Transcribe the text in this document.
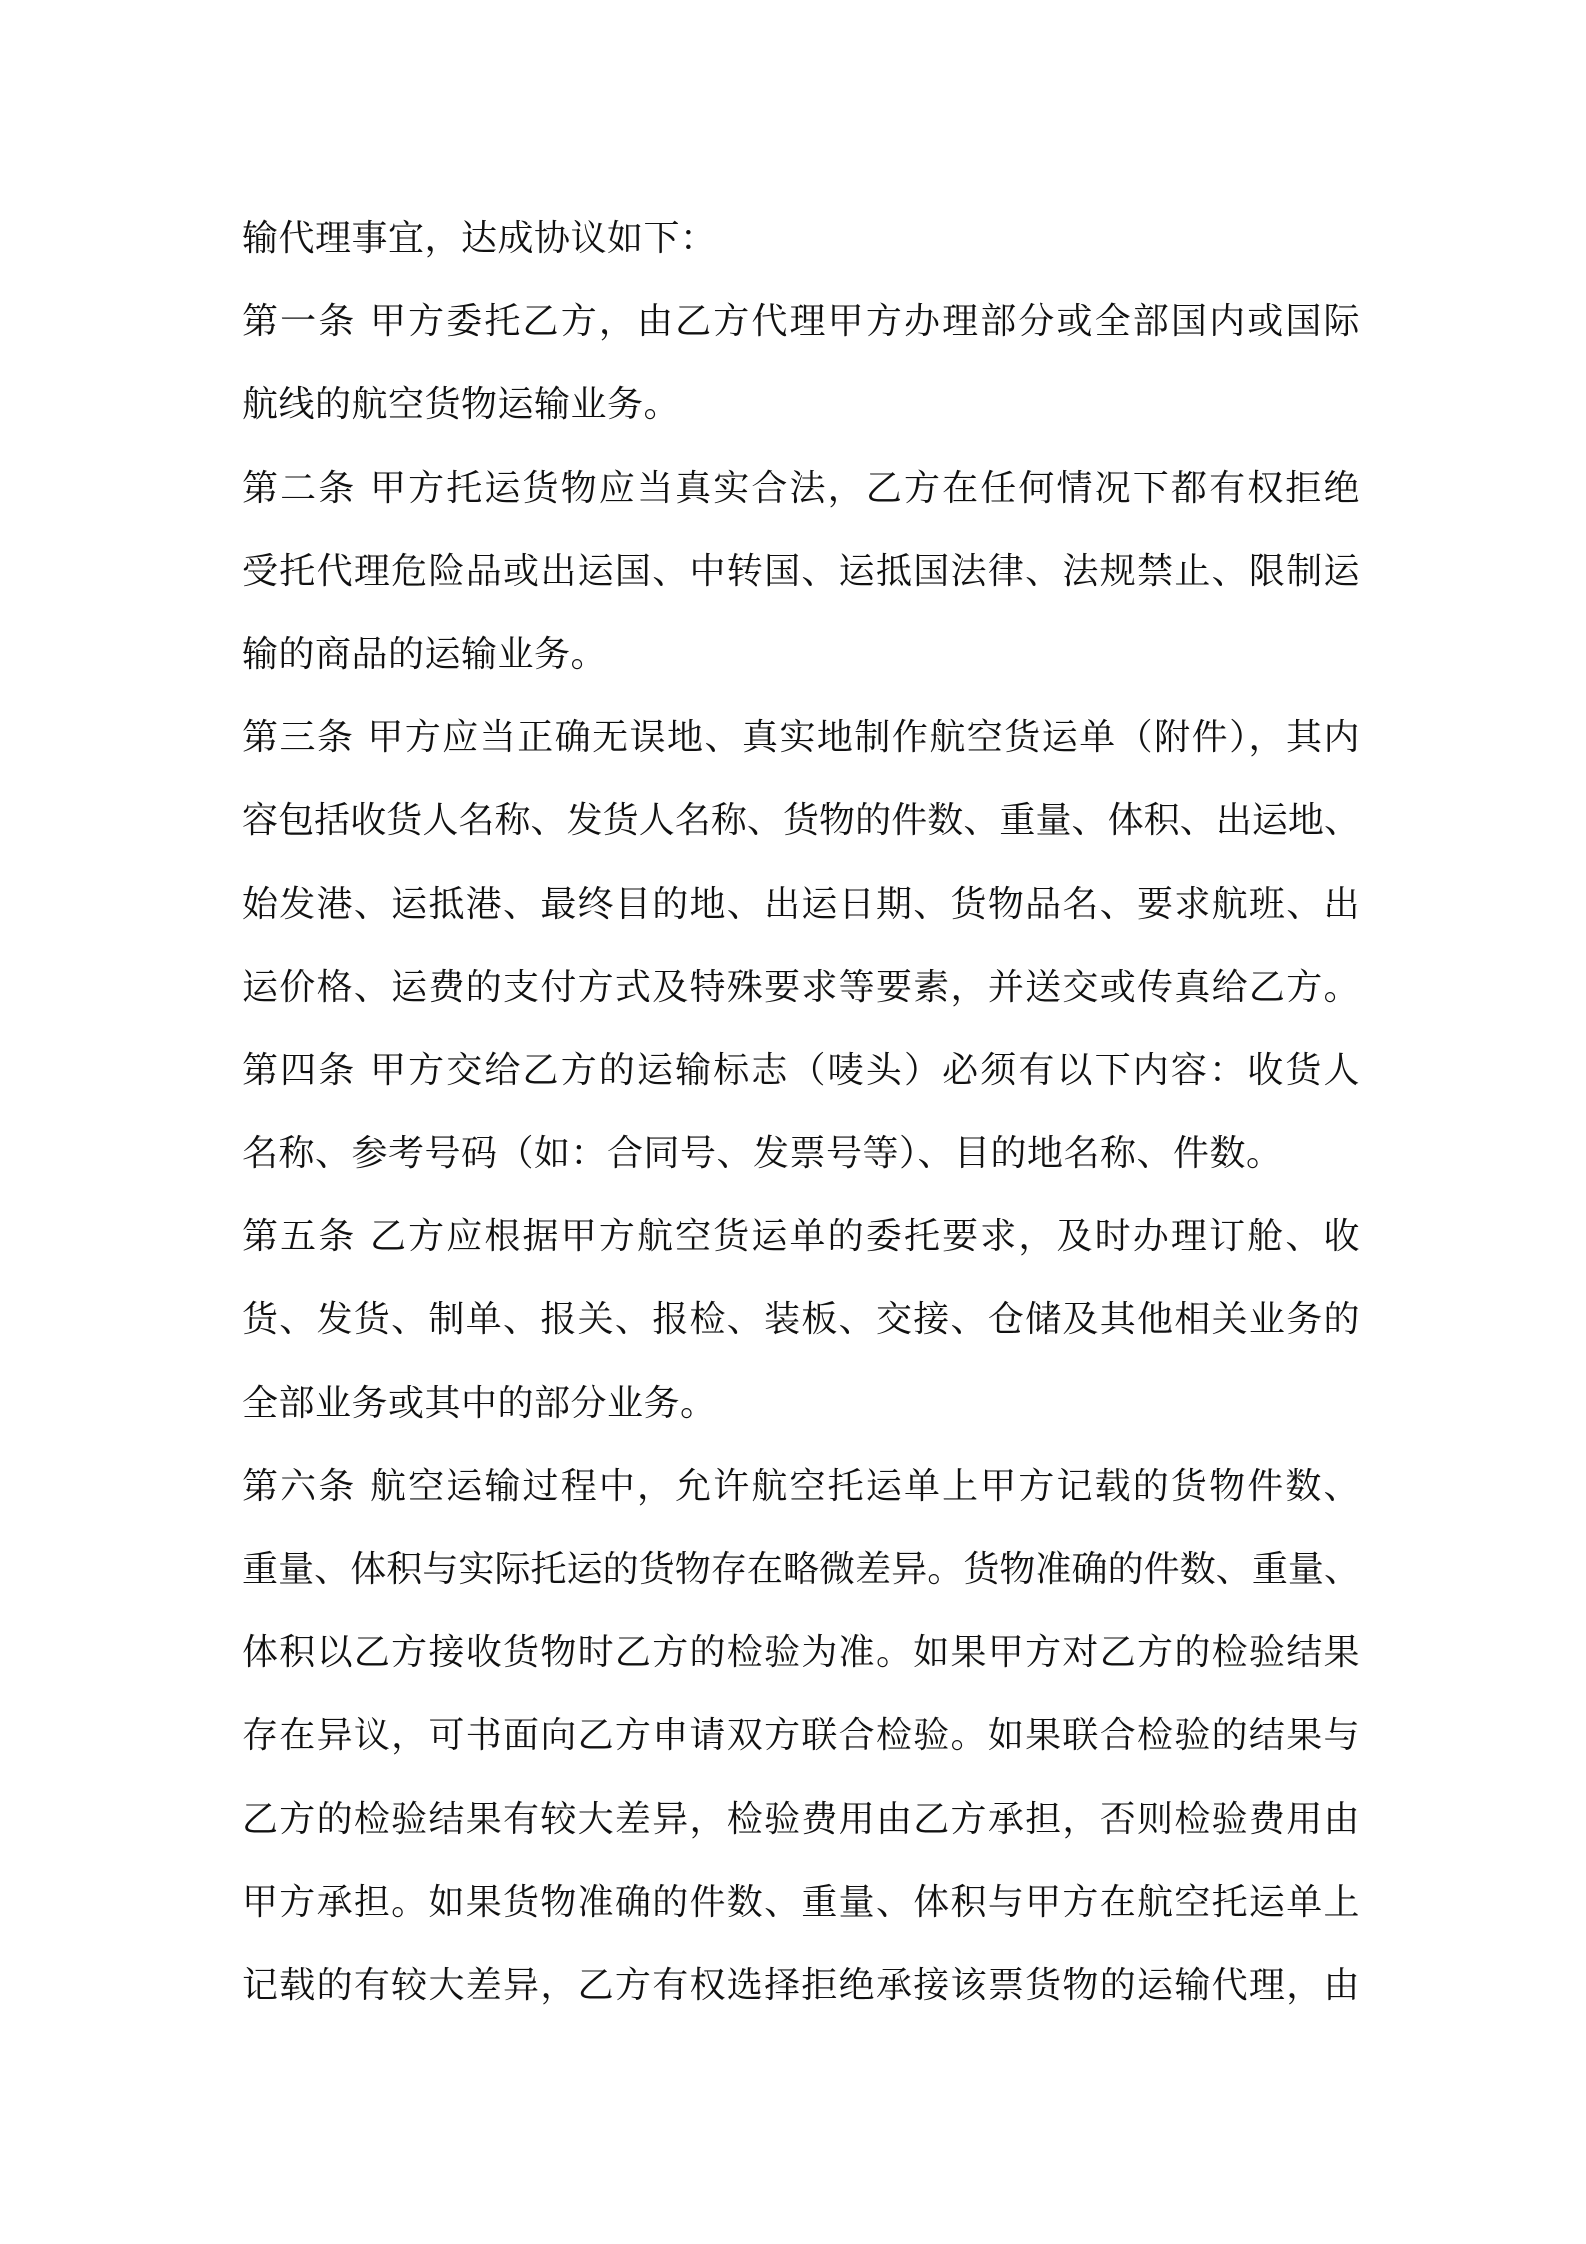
输代理事宜，达成协议如下：
第一条 甲方委托乙方，由乙方代理甲方办理部分或全部国内或国际
航线的航空货物运输业务。
第二条 甲方托运货物应当真实合法，乙方在任何情况下都有权拒绝
受托代理危险品或出运国、中转国、运抵国法律、法规禁止、限制运
输的商品的运输业务。
第三条 甲方应当正确无误地、真实地制作航空货运单（附件），其内
容包括收货人名称、发货人名称、货物的件数、重量、体积、出运地、
始发港、运抵港、最终目的地、出运日期、货物品名、要求航班、出
运价格、运费的支付方式及特殊要求等要素，并送交或传真给乙方。
第四条 甲方交给乙方的运输标志（唛头）必须有以下内容：收货人
名称、参考号码（如：合同号、发票号等）、目的地名称、件数。
第五条 乙方应根据甲方航空货运单的委托要求，及时办理订舱、收
货、发货、制单、报关、报检、装板、交接、仓储及其他相关业务的
全部业务或其中的部分业务。
第六条 航空运输过程中，允许航空托运单上甲方记载的货物件数、
重量、体积与实际托运的货物存在略微差异。货物准确的件数、重量、
体积以乙方接收货物时乙方的检验为准。如果甲方对乙方的检验结果
存在异议，可书面向乙方申请双方联合检验。如果联合检验的结果与
乙方的检验结果有较大差异，检验费用由乙方承担，否则检验费用由
甲方承担。如果货物准确的件数、重量、体积与甲方在航空托运单上
记载的有较大差异，乙方有权选择拒绝承接该票货物的运输代理，由
